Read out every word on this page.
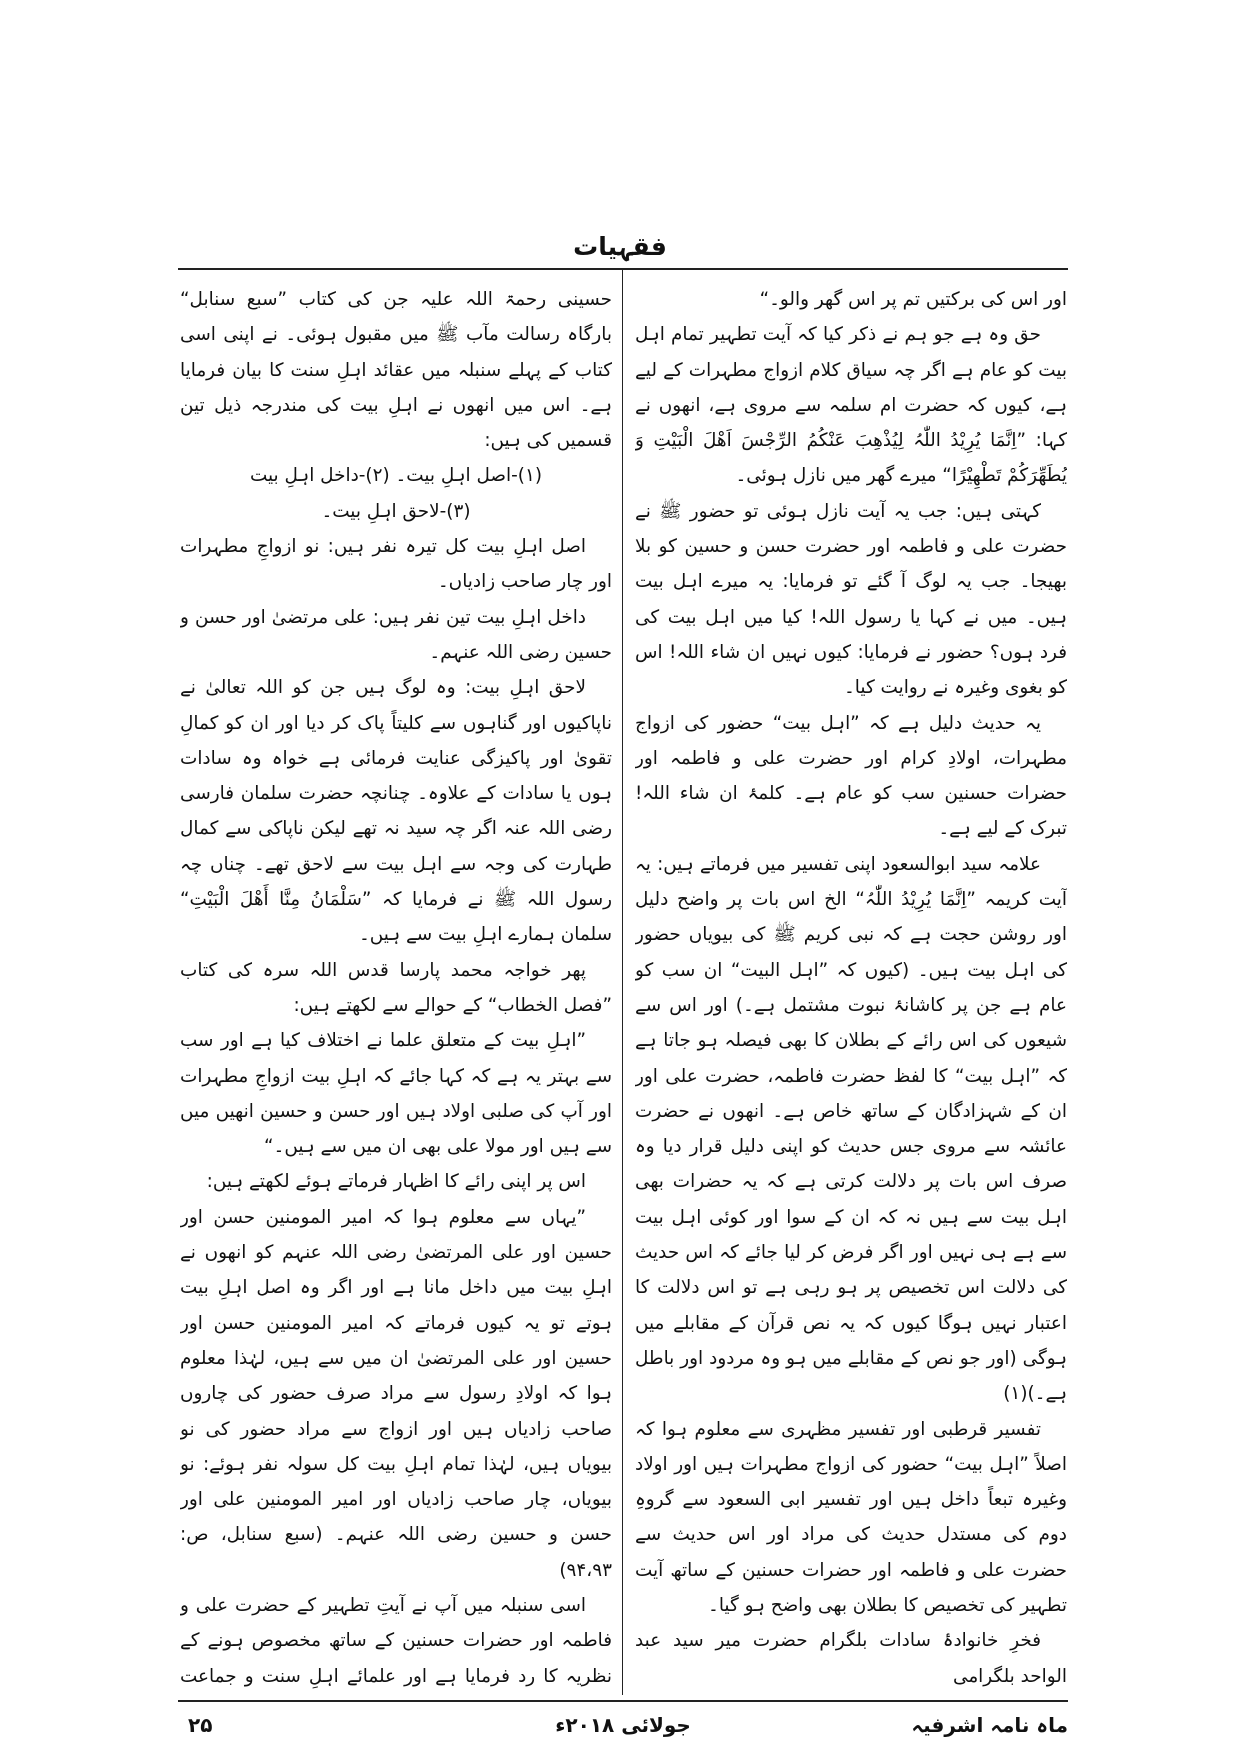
فقہیات

اور اس کی برکتیں تم پر اس گھر والو۔“

حق وہ ہے جو ہم نے ذکر کیا کہ آیت تطہیر تمام اہل بیت کو عام ہے اگر چہ سیاق کلام ازواج مطہرات کے لیے ہے، کیوں کہ حضرت ام سلمہ سے مروی ہے، انھوں نے کہا: ”اِنَّمَا یُرِیْدُ اللّٰہُ لِیُذْھِبَ عَنْکُمُ الرِّجْسَ اَھْلَ الْبَیْتِ وَ یُطَھِّرَکُمْ تَطْھِیْرًا“ میرے گھر میں نازل ہوئی۔

کہتی ہیں: جب یہ آیت نازل ہوئی تو حضور ﷺ نے حضرت علی و فاطمہ اور حضرت حسن و حسین کو بلا بھیجا۔ جب یہ لوگ آ گئے تو فرمایا: یہ میرے اہل بیت ہیں۔ میں نے کہا یا رسول اللہ! کیا میں اہل بیت کی فرد ہوں؟ حضور نے فرمایا: کیوں نہیں ان شاء اللہ! اس کو بغوی وغیرہ نے روایت کیا۔

یہ حدیث دلیل ہے کہ ”اہل بیت“ حضور کی ازواج مطہرات، اولادِ کرام اور حضرت علی و فاطمہ اور حضرات حسنین سب کو عام ہے۔ کلمۂ ان شاء اللہ! تبرک کے لیے ہے۔

علامہ سید ابوالسعود اپنی تفسیر میں فرماتے ہیں: یہ آیت کریمہ ”اِنَّمَا یُرِیْدُ اللّٰہُ“ الخ اس بات پر واضح دلیل اور روشن حجت ہے کہ نبی کریم ﷺ کی بیویاں حضور کی اہل بیت ہیں۔ (کیوں کہ ”اہل البیت“ ان سب کو عام ہے جن پر کاشانۂ نبوت مشتمل ہے۔) اور اس سے شیعوں کی اس رائے کے بطلان کا بھی فیصلہ ہو جاتا ہے کہ ”اہل بیت“ کا لفظ حضرت فاطمہ، حضرت علی اور ان کے شہزادگان کے ساتھ خاص ہے۔ انھوں نے حضرت عائشہ سے مروی جس حدیث کو اپنی دلیل قرار دیا وہ صرف اس بات پر دلالت کرتی ہے کہ یہ حضرات بھی اہل بیت سے ہیں نہ کہ ان کے سوا اور کوئی اہل بیت سے ہے ہی نہیں اور اگر فرض کر لیا جائے کہ اس حدیث کی دلالت اس تخصیص پر ہو رہی ہے تو اس دلالت کا اعتبار نہیں ہوگا کیوں کہ یہ نص قرآن کے مقابلے میں ہوگی (اور جو نص کے مقابلے میں ہو وہ مردود اور باطل ہے۔)(۱)

تفسیر قرطبی اور تفسیر مظہری سے معلوم ہوا کہ اصلاً ”اہل بیت“ حضور کی ازواج مطہرات ہیں اور اولاد وغیرہ تبعاً داخل ہیں اور تفسیر ابی السعود سے گروہِ دوم کی مستدل حدیث کی مراد اور اس حدیث سے حضرت علی و فاطمہ اور حضرات حسنین کے ساتھ آیت تطہیر کی تخصیص کا بطلان بھی واضح ہو گیا۔

فخرِ خانوادۂ سادات بلگرام حضرت میر سید عبد الواحد بلگرامی

حسینی رحمۃ اللہ علیہ جن کی کتاب ”سبع سنابل“ بارگاہ رسالت مآب ﷺ میں مقبول ہوئی۔ نے اپنی اسی کتاب کے پہلے سنبلہ میں عقائد اہلِ سنت کا بیان فرمایا ہے۔ اس میں انھوں نے اہلِ بیت کی مندرجہ ذیل تین قسمیں کی ہیں:

(۱)-اصل اہلِ بیت۔ (۲)-داخل اہلِ بیت

(۳)-لاحق اہلِ بیت۔

اصل اہلِ بیت کل تیرہ نفر ہیں: نو ازواجِ مطہرات اور چار صاحب زادیاں۔

داخل اہلِ بیت تین نفر ہیں: علی مرتضیٰ اور حسن و حسین رضی اللہ عنہم۔

لاحق اہلِ بیت: وہ لوگ ہیں جن کو اللہ تعالیٰ نے ناپاکیوں اور گناہوں سے کلیتاً پاک کر دیا اور ان کو کمالِ تقویٰ اور پاکیزگی عنایت فرمائی ہے خواہ وہ سادات ہوں یا سادات کے علاوہ۔ چنانچہ حضرت سلمان فارسی رضی اللہ عنہ اگر چہ سید نہ تھے لیکن ناپاکی سے کمال طہارت کی وجہ سے اہل بیت سے لاحق تھے۔ چناں چہ رسول اللہ ﷺ نے فرمایا کہ ”سَلْمَانُ مِنَّا أَھْلَ الْبَیْتِ“ سلمان ہمارے اہلِ بیت سے ہیں۔

پھر خواجہ محمد پارسا قدس اللہ سرہ کی کتاب ”فصل الخطاب“ کے حوالے سے لکھتے ہیں:

”اہلِ بیت کے متعلق علما نے اختلاف کیا ہے اور سب سے بہتر یہ ہے کہ کہا جائے کہ اہلِ بیت ازواجِ مطہرات اور آپ کی صلبی اولاد ہیں اور حسن و حسین انھیں میں سے ہیں اور مولا علی بھی ان میں سے ہیں۔“

اس پر اپنی رائے کا اظہار فرماتے ہوئے لکھتے ہیں:

”یہاں سے معلوم ہوا کہ امیر المومنین حسن اور حسین اور علی المرتضیٰ رضی اللہ عنہم کو انھوں نے اہلِ بیت میں داخل مانا ہے اور اگر وہ اصل اہلِ بیت ہوتے تو یہ کیوں فرماتے کہ امیر المومنین حسن اور حسین اور علی المرتضیٰ ان میں سے ہیں، لہٰذا معلوم ہوا کہ اولادِ رسول سے مراد صرف حضور کی چاروں صاحب زادیاں ہیں اور ازواج سے مراد حضور کی نو بیویاں ہیں، لہٰذا تمام اہلِ بیت کل سولہ نفر ہوئے: نو بیویاں، چار صاحب زادیاں اور امیر المومنین علی اور حسن و حسین رضی اللہ عنہم۔ (سبع سنابل، ص: ۹۴،۹۳)

اسی سنبلہ میں آپ نے آیتِ تطہیر کے حضرت علی و فاطمہ اور حضرات حسنین کے ساتھ مخصوص ہونے کے نظریہ کا رد فرمایا ہے اور علمائے اہلِ سنت و جماعت

ماہ نامہ اشرفیہ
جولائی ۲۰۱۸ء
۲۵
